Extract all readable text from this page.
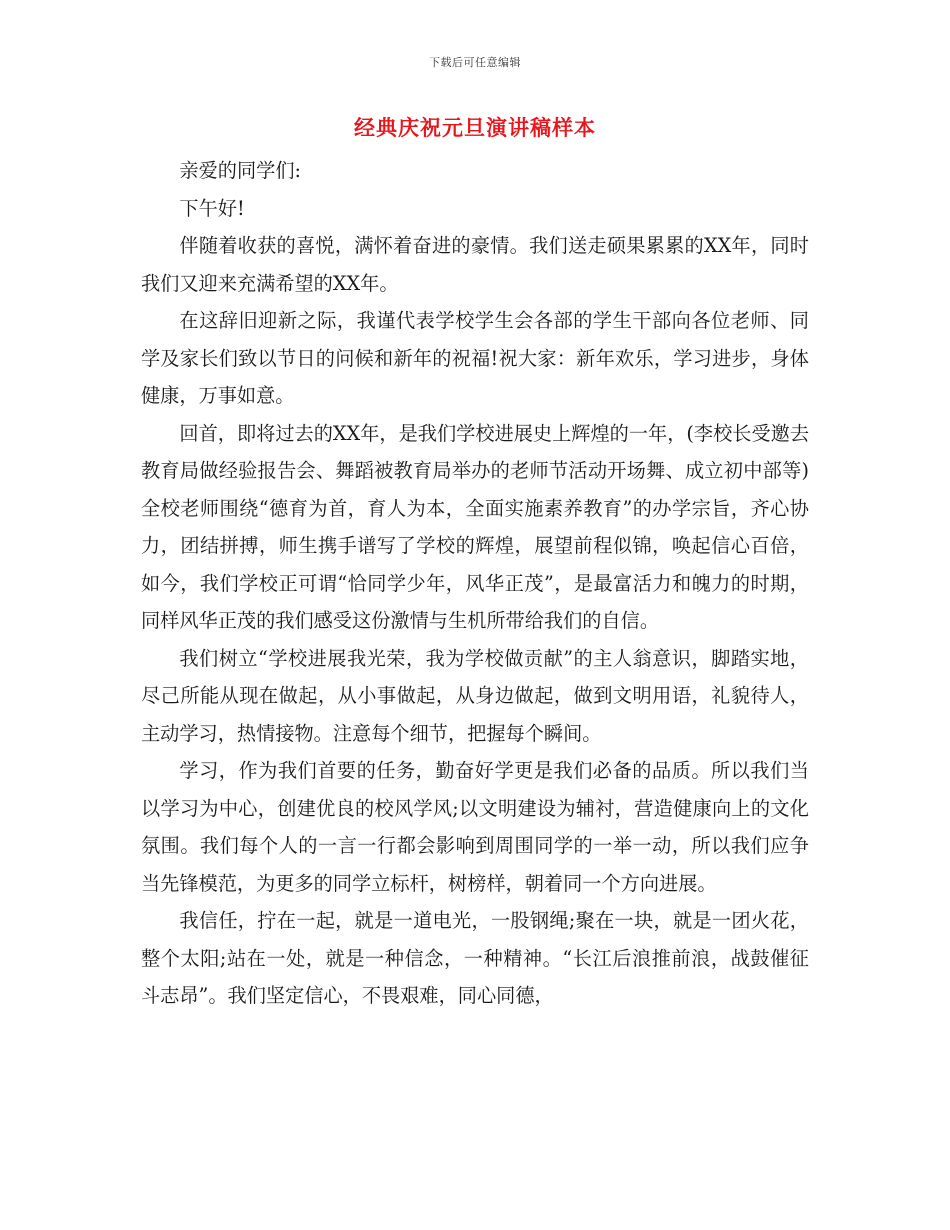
下载后可任意编辑
经典庆祝元旦演讲稿样本

亲爱的同学们:

下午好!

伴随着收获的喜悦，满怀着奋进的豪情。我们送走硕果累累的XX年，同时我们又迎来充满希望的XX年。

在这辞旧迎新之际，我谨代表学校学生会各部的学生干部向各位老师、同学及家长们致以节日的问候和新年的祝福!祝大家：新年欢乐，学习进步，身体健康，万事如意。

回首，即将过去的XX年，是我们学校进展史上辉煌的一年，(李校长受邀去教育局做经验报告会、舞蹈被教育局举办的老师节活动开场舞、成立初中部等)全校老师围绕“德育为首，育人为本，全面实施素养教育”的办学宗旨，齐心协力，团结拼搏，师生携手谱写了学校的辉煌，展望前程似锦，唤起信心百倍，如今，我们学校正可谓“恰同学少年，风华正茂”，是最富活力和魄力的时期，同样风华正茂的我们感受这份激情与生机所带给我们的自信。

我们树立“学校进展我光荣，我为学校做贡献”的主人翁意识，脚踏实地，尽己所能从现在做起，从小事做起，从身边做起，做到文明用语，礼貌待人，主动学习，热情接物。注意每个细节，把握每个瞬间。

学习，作为我们首要的任务，勤奋好学更是我们必备的品质。所以我们当以学习为中心，创建优良的校风学风;以文明建设为辅衬，营造健康向上的文化氛围。我们每个人的一言一行都会影响到周围同学的一举一动，所以我们应争当先锋模范，为更多的同学立标杆，树榜样，朝着同一个方向进展。

我信任，拧在一起，就是一道电光，一股钢绳;聚在一块，就是一团火花，整个太阳;站在一处，就是一种信念，一种精神。“长江后浪推前浪，战鼓催征斗志昂”。我们坚定信心，不畏艰难，同心同德，
